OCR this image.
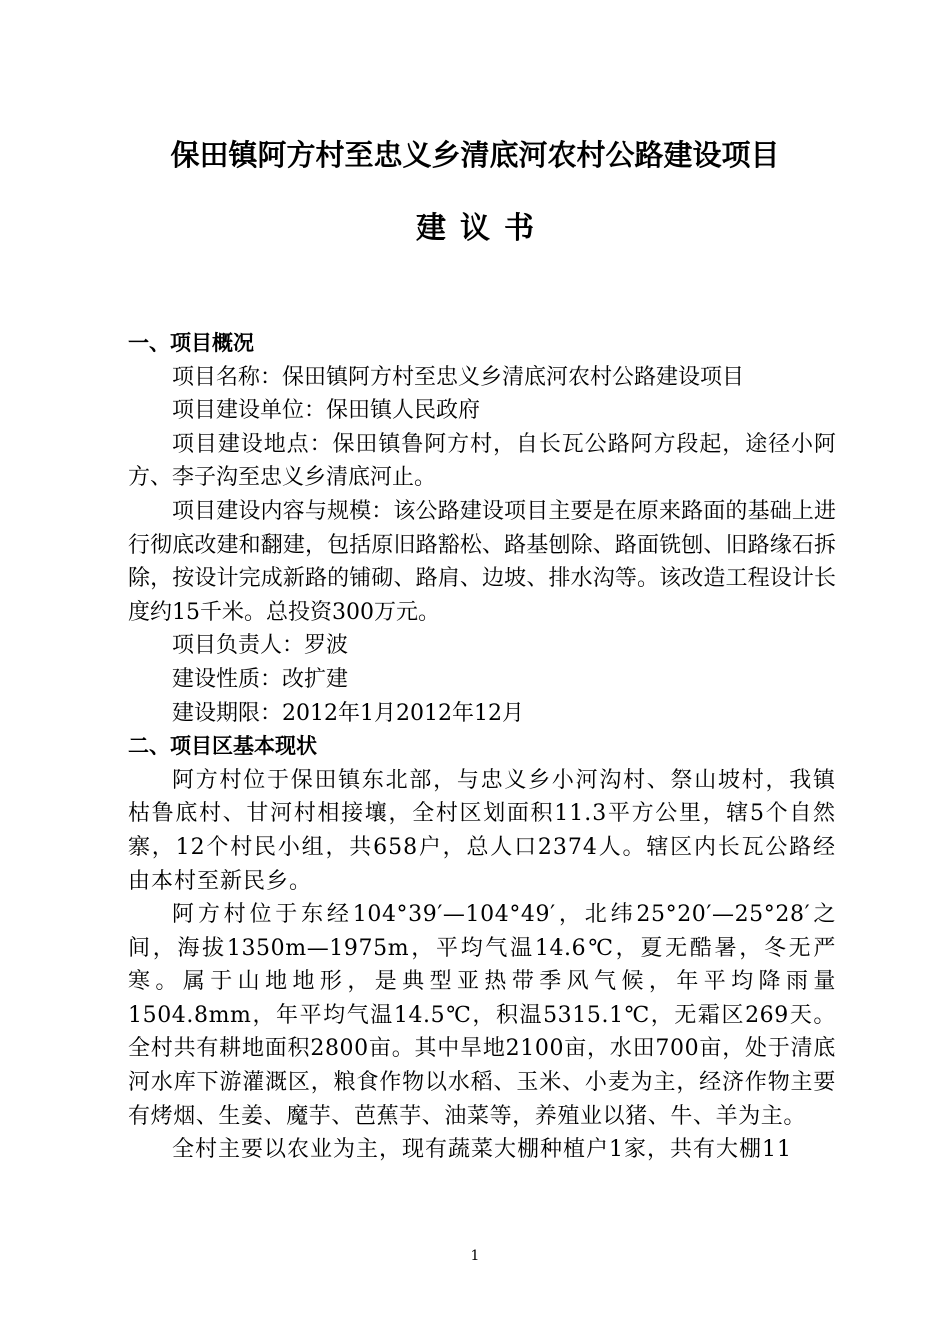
保田镇阿方村至忠义乡清底河农村公路建设项目
建议书

一、项目概况

项目名称：保田镇阿方村至忠义乡清底河农村公路建设项目

项目建设单位：保田镇人民政府

项目建设地点：保田镇鲁阿方村，自长瓦公路阿方段起，途径小阿方、李子沟至忠义乡清底河止。

项目建设内容与规模：该公路建设项目主要是在原来路面的基础上进行彻底改建和翻建，包括原旧路豁松、路基刨除、路面铣刨、旧路缘石拆除，按设计完成新路的铺砌、路肩、边坡、排水沟等。该改造工程设计长度约15千米。总投资300万元。

项目负责人：罗波

建设性质：改扩建

建设期限：2012年1月2012年12月

二、项目区基本现状

阿方村位于保田镇东北部，与忠义乡小河沟村、祭山坡村，我镇枯鲁底村、甘河村相接壤，全村区划面积11.3平方公里，辖5个自然寨，12个村民小组，共658户，总人口2374人。辖区内长瓦公路经由本村至新民乡。

阿方村位于东经104°39′—104°49′，北纬25°20′—25°28′之间，海拔1350m—1975m，平均气温14.6℃，夏无酷暑，冬无严寒。属于山地地形，是典型亚热带季风气候，年平均降雨量1504.8mm，年平均气温14.5℃，积温5315.1℃，无霜区269天。全村共有耕地面积2800亩。其中旱地2100亩，水田700亩，处于清底河水库下游灌溉区，粮食作物以水稻、玉米、小麦为主，经济作物主要有烤烟、生姜、魔芋、芭蕉芋、油菜等，养殖业以猪、牛、羊为主。

全村主要以农业为主，现有蔬菜大棚种植户1家，共有大棚11

1
